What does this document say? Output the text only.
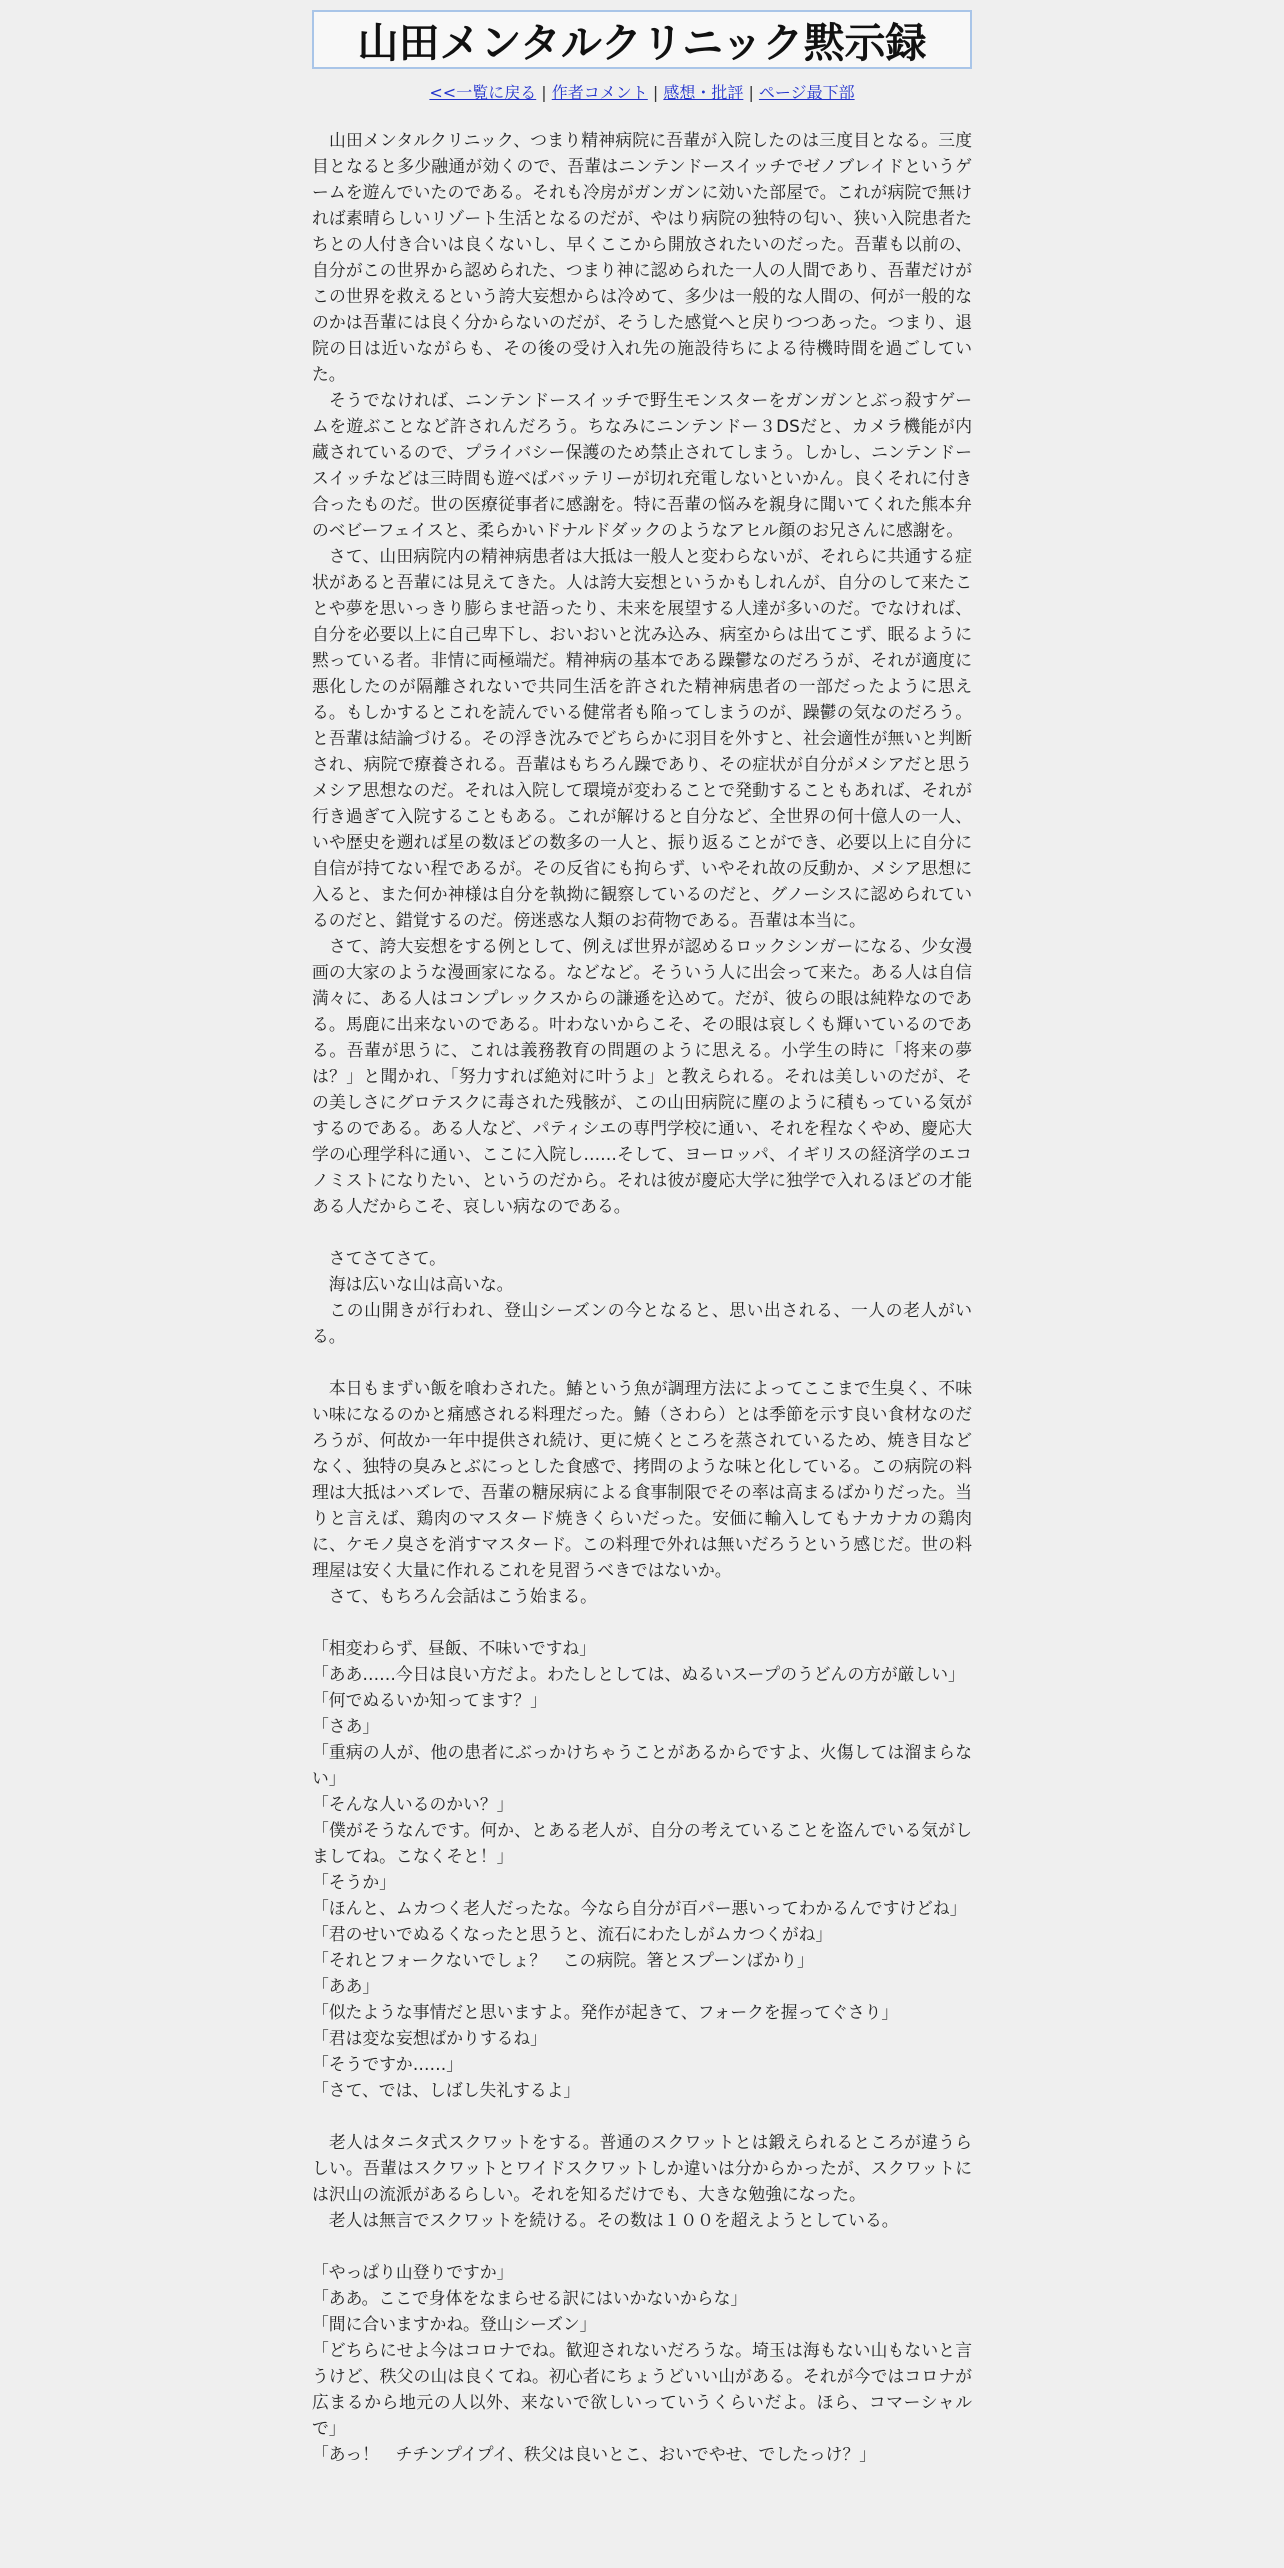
山田メンタルクリニック黙示録
<<一覧に戻る | 作者コメント | 感想・批評 | ページ最下部
　山田メンタルクリニック、つまり精神病院に吾輩が入院したのは三度目となる。三度目となると多少融通が効くので、吾輩はニンテンドースイッチでゼノブレイドというゲームを遊んでいたのである。それも冷房がガンガンに効いた部屋で。これが病院で無ければ素晴らしいリゾート生活となるのだが、やはり病院の独特の匂い、狭い入院患者たちとの人付き合いは良くないし、早くここから開放されたいのだった。吾輩も以前の、自分がこの世界から認められた、つまり神に認められた一人の人間であり、吾輩だけがこの世界を救えるという誇大妄想からは冷めて、多少は一般的な人間の、何が一般的なのかは吾輩には良く分からないのだが、そうした感覚へと戻りつつあった。つまり、退院の日は近いながらも、その後の受け入れ先の施設待ちによる待機時間を過ごしていた。
　そうでなければ、ニンテンドースイッチで野生モンスターをガンガンとぶっ殺すゲームを遊ぶことなど許されんだろう。ちなみにニンテンドー３DSだと、カメラ機能が内蔵されているので、プライバシー保護のため禁止されてしまう。しかし、ニンテンドースイッチなどは三時間も遊べばバッテリーが切れ充電しないといかん。良くそれに付き合ったものだ。世の医療従事者に感謝を。特に吾輩の悩みを親身に聞いてくれた熊本弁のベビーフェイスと、柔らかいドナルドダックのようなアヒル顔のお兄さんに感謝を。
　さて、山田病院内の精神病患者は大抵は一般人と変わらないが、それらに共通する症状があると吾輩には見えてきた。人は誇大妄想というかもしれんが、自分のして来たことや夢を思いっきり膨らませ語ったり、未来を展望する人達が多いのだ。でなければ、自分を必要以上に自己卑下し、おいおいと沈み込み、病室からは出てこず、眠るように黙っている者。非情に両極端だ。精神病の基本である躁鬱なのだろうが、それが適度に悪化したのが隔離されないで共同生活を許された精神病患者の一部だったように思える。もしかするとこれを読んでいる健常者も陥ってしまうのが、躁鬱の気なのだろう。と吾輩は結論づける。その浮き沈みでどちらかに羽目を外すと、社会適性が無いと判断され、病院で療養される。吾輩はもちろん躁であり、その症状が自分がメシアだと思うメシア思想なのだ。それは入院して環境が変わることで発動することもあれば、それが行き過ぎて入院することもある。これが解けると自分など、全世界の何十億人の一人、いや歴史を遡れば星の数ほどの数多の一人と、振り返ることができ、必要以上に自分に自信が持てない程であるが。その反省にも拘らず、いやそれ故の反動か、メシア思想に入ると、また何か神様は自分を執拗に観察しているのだと、グノーシスに認められているのだと、錯覚するのだ。傍迷惑な人類のお荷物である。吾輩は本当に。
　さて、誇大妄想をする例として、例えば世界が認めるロックシンガーになる、少女漫画の大家のような漫画家になる。などなど。そういう人に出会って来た。ある人は自信満々に、ある人はコンプレックスからの謙遜を込めて。だが、彼らの眼は純粋なのである。馬鹿に出来ないのである。叶わないからこそ、その眼は哀しくも輝いているのである。吾輩が思うに、これは義務教育の問題のように思える。小学生の時に「将来の夢は？」と聞かれ、「努力すれば絶対に叶うよ」と教えられる。それは美しいのだが、その美しさにグロテスクに毒された残骸が、この山田病院に塵のように積もっている気がするのである。ある人など、パティシエの専門学校に通い、それを程なくやめ、慶応大学の心理学科に通い、ここに入院し……そして、ヨーロッパ、イギリスの経済学のエコノミストになりたい、というのだから。それは彼が慶応大学に独学で入れるほどの才能ある人だからこそ、哀しい病なのである。
　さてさてさて。
　海は広いな山は高いな。
　この山開きが行われ、登山シーズンの今となると、思い出される、一人の老人がいる。
　本日もまずい飯を喰わされた。鰆という魚が調理方法によってここまで生臭く、不味い味になるのかと痛感される料理だった。鰆（さわら）とは季節を示す良い食材なのだろうが、何故か一年中提供され続け、更に焼くところを蒸されているため、焼き目などなく、独特の臭みとぶにっとした食感で、拷問のような味と化している。この病院の料理は大抵はハズレで、吾輩の糖尿病による食事制限でその率は高まるばかりだった。当りと言えば、鶏肉のマスタード焼きくらいだった。安価に輸入してもナカナカの鶏肉に、ケモノ臭さを消すマスタード。この料理で外れは無いだろうという感じだ。世の料理屋は安く大量に作れるこれを見習うべきではないか。
　さて、もちろん会話はこう始まる。
「相変わらず、昼飯、不味いですね」
「ああ……今日は良い方だよ。わたしとしては、ぬるいスープのうどんの方が厳しい」
「何でぬるいか知ってます？」
「さあ」
「重病の人が、他の患者にぶっかけちゃうことがあるからですよ、火傷しては溜まらない」
「そんな人いるのかい？」
「僕がそうなんです。何か、とある老人が、自分の考えていることを盗んでいる気がしましてね。こなくそと！」
「そうか」
「ほんと、ムカつく老人だったな。今なら自分が百パー悪いってわかるんですけどね」
「君のせいでぬるくなったと思うと、流石にわたしがムカつくがね」
「それとフォークないでしょ？　この病院。箸とスプーンばかり」
「ああ」
「似たような事情だと思いますよ。発作が起きて、フォークを握ってぐさり」
「君は変な妄想ばかりするね」
「そうですか……」
「さて、では、しばし失礼するよ」
　老人はタニタ式スクワットをする。普通のスクワットとは鍛えられるところが違うらしい。吾輩はスクワットとワイドスクワットしか違いは分からかったが、スクワットには沢山の流派があるらしい。それを知るだけでも、大きな勉強になった。
　老人は無言でスクワットを続ける。その数は１００を超えようとしている。
「やっぱり山登りですか」
「ああ。ここで身体をなまらせる訳にはいかないからな」
「間に合いますかね。登山シーズン」
「どちらにせよ今はコロナでね。歓迎されないだろうな。埼玉は海もない山もないと言うけど、秩父の山は良くてね。初心者にちょうどいい山がある。それが今ではコロナが広まるから地元の人以外、来ないで欲しいっていうくらいだよ。ほら、コマーシャルで」
「あっ！　チチンプイプイ、秩父は良いとこ、おいでやせ、でしたっけ？」
